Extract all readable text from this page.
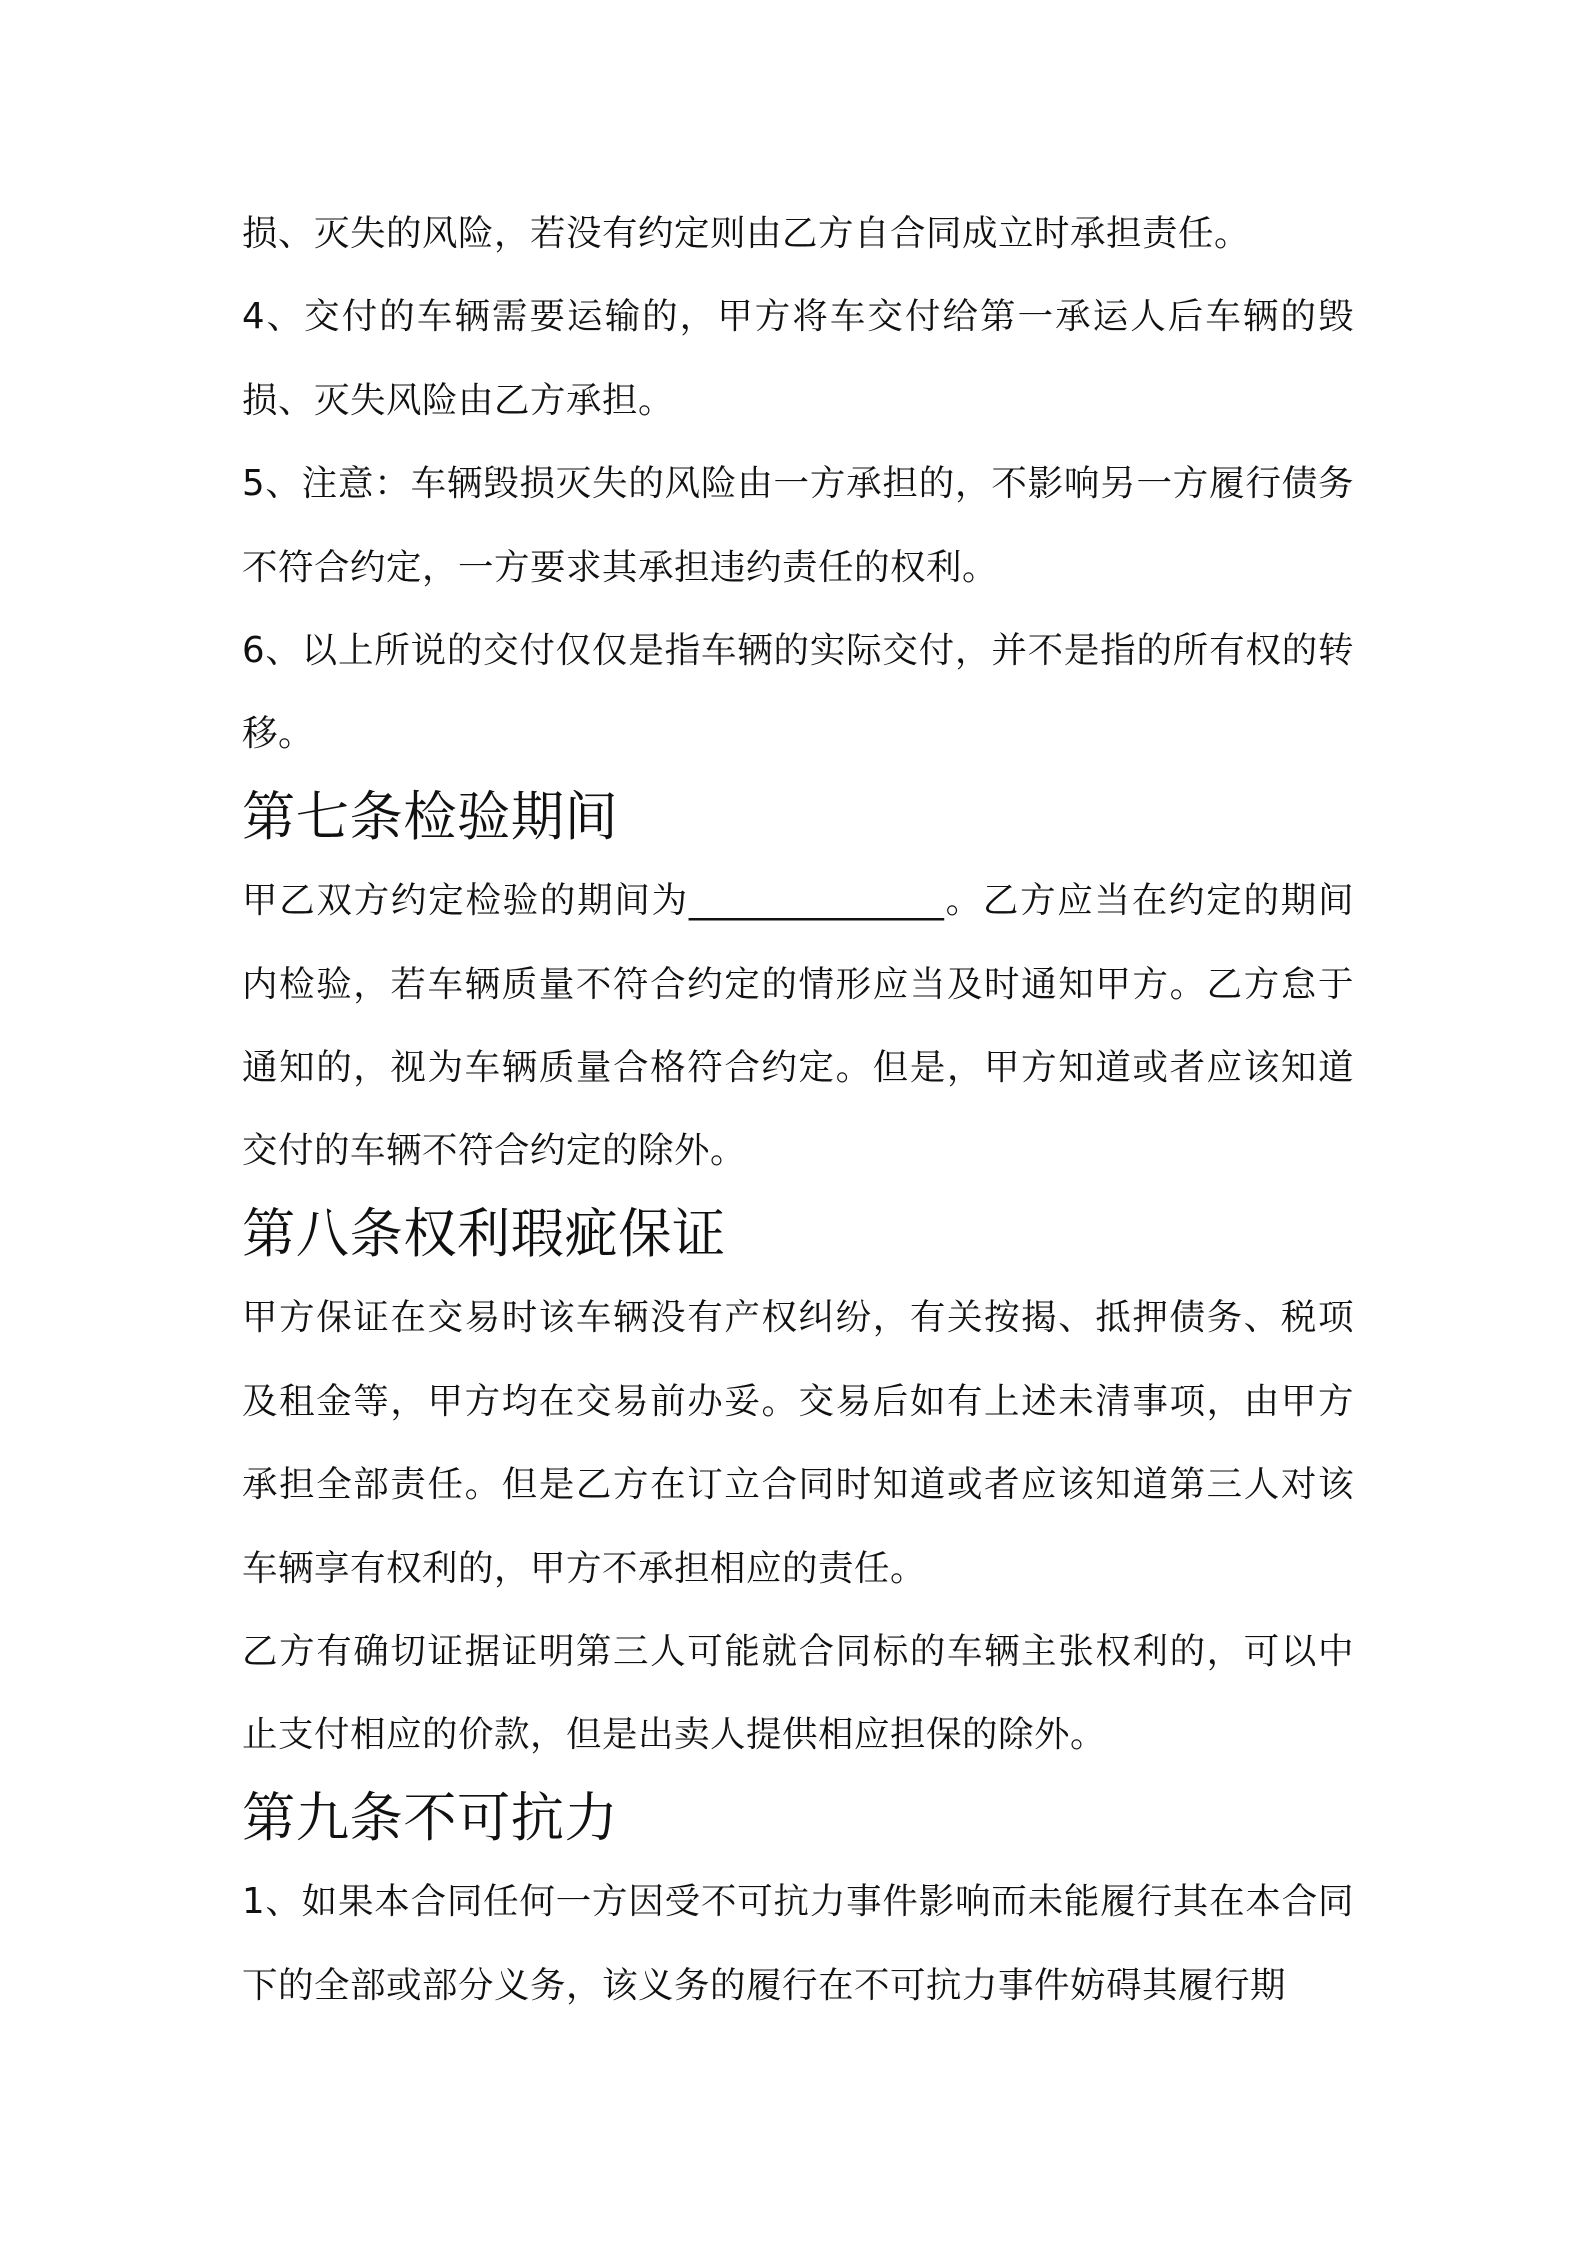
损、灭失的风险，若没有约定则由乙方自合同成立时承担责任。

4、交付的车辆需要运输的，甲方将车交付给第一承运人后车辆的毁损、灭失风险由乙方承担。

5、注意：车辆毁损灭失的风险由一方承担的，不影响另一方履行债务不符合约定，一方要求其承担违约责任的权利。

6、以上所说的交付仅仅是指车辆的实际交付，并不是指的所有权的转移。

第七条检验期间

甲乙双方约定检验的期间为______________。乙方应当在约定的期间内检验，若车辆质量不符合约定的情形应当及时通知甲方。乙方怠于通知的，视为车辆质量合格符合约定。但是，甲方知道或者应该知道交付的车辆不符合约定的除外。

第八条权利瑕疵保证

甲方保证在交易时该车辆没有产权纠纷，有关按揭、抵押债务、税项及租金等，甲方均在交易前办妥。交易后如有上述未清事项，由甲方承担全部责任。但是乙方在订立合同时知道或者应该知道第三人对该车辆享有权利的，甲方不承担相应的责任。

乙方有确切证据证明第三人可能就合同标的车辆主张权利的，可以中止支付相应的价款，但是出卖人提供相应担保的除外。

第九条不可抗力

1、如果本合同任何一方因受不可抗力事件影响而未能履行其在本合同下的全部或部分义务，该义务的履行在不可抗力事件妨碍其履行期
